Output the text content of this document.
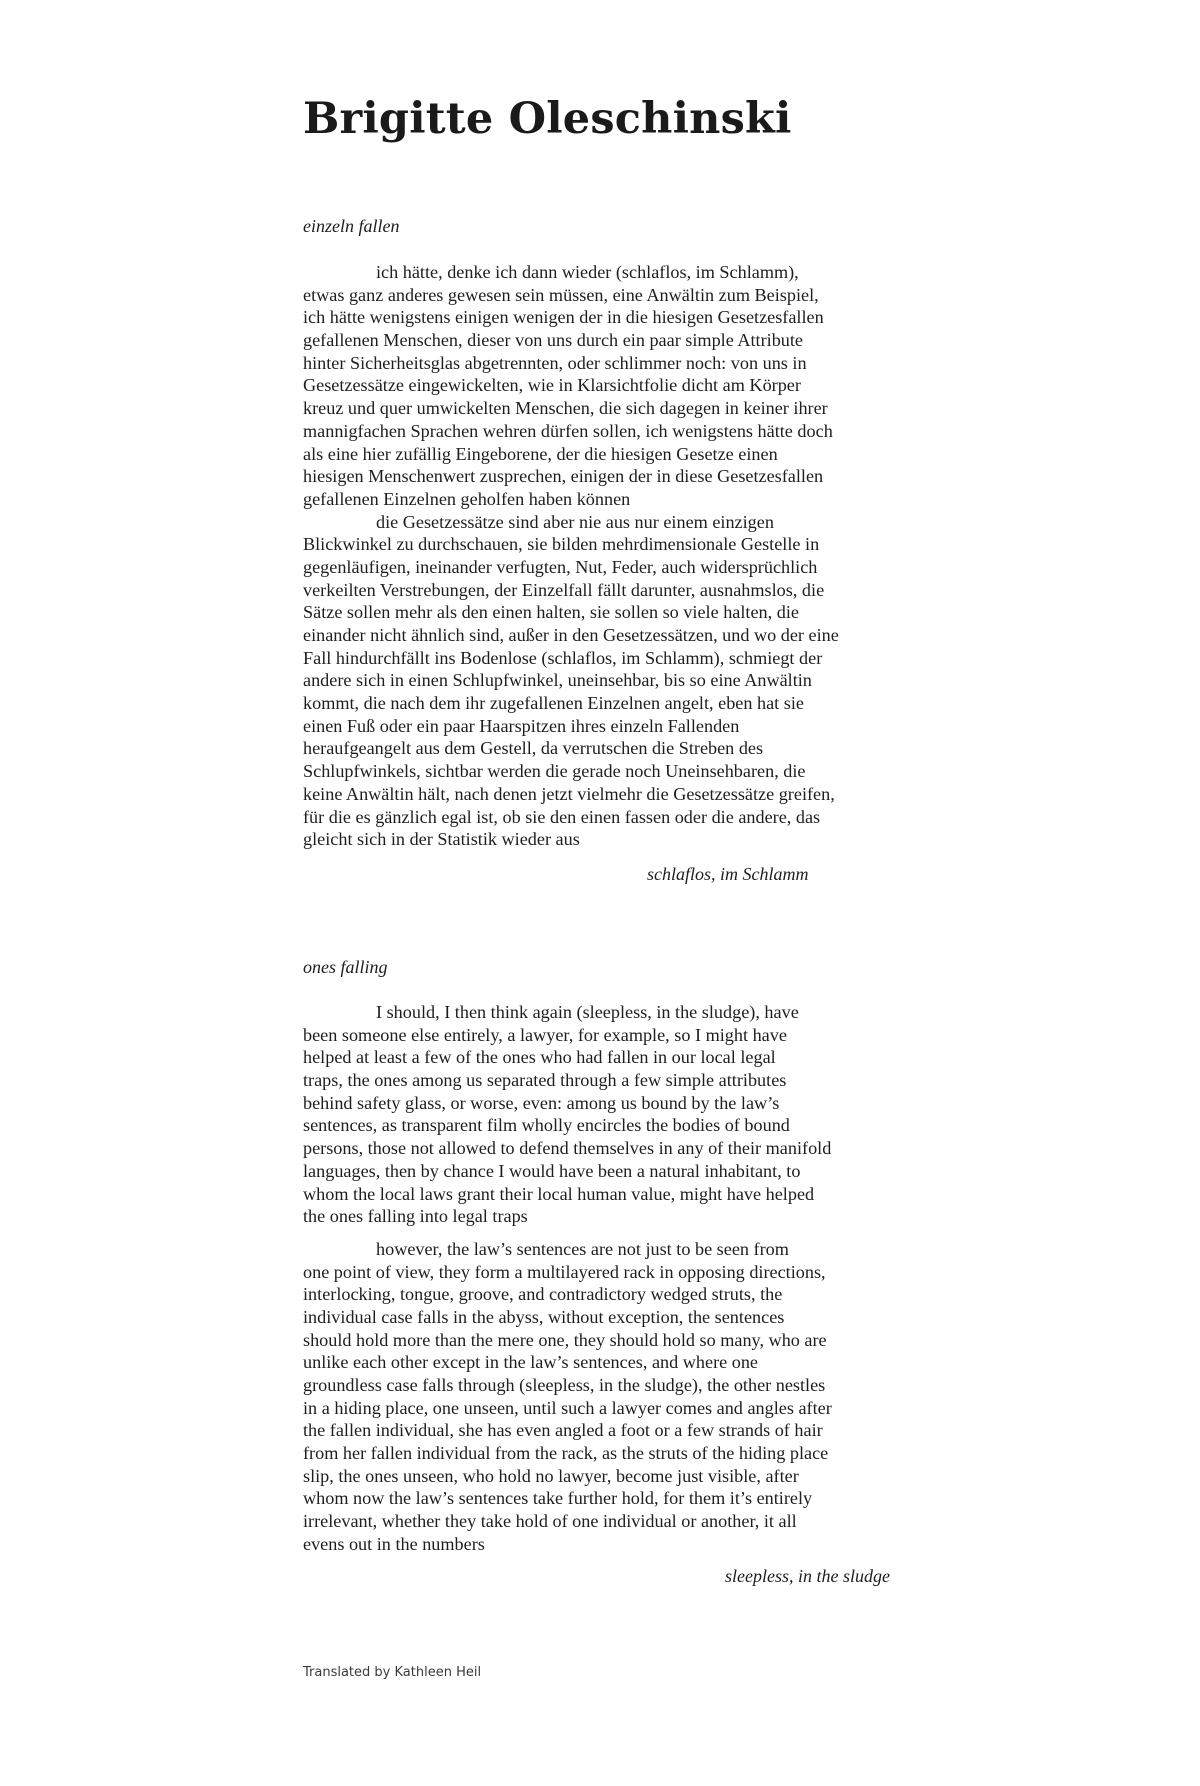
Brigitte Oleschinski

einzeln fallen

ich hätte, denke ich dann wieder (schlaflos, im Schlamm),
etwas ganz anderes gewesen sein müssen, eine Anwältin zum Beispiel,
ich hätte wenigstens einigen wenigen der in die hiesigen Gesetzesfallen
gefallenen Menschen, dieser von uns durch ein paar simple Attribute
hinter Sicherheitsglas abgetrennten, oder schlimmer noch: von uns in
Gesetzessätze eingewickelten, wie in Klarsichtfolie dicht am Körper
kreuz und quer umwickelten Menschen, die sich dagegen in keiner ihrer
mannigfachen Sprachen wehren dürfen sollen, ich wenigstens hätte doch
als eine hier zufällig Eingeborene, der die hiesigen Gesetze einen
hiesigen Menschenwert zusprechen, einigen der in diese Gesetzesfallen
gefallenen Einzelnen geholfen haben können
die Gesetzessätze sind aber nie aus nur einem einzigen
Blickwinkel zu durchschauen, sie bilden mehrdimensionale Gestelle in
gegenläufigen, ineinander verfugten, Nut, Feder, auch widersprüchlich
verkeilten Verstrebungen, der Einzelfall fällt darunter, ausnahmslos, die
Sätze sollen mehr als den einen halten, sie sollen so viele halten, die
einander nicht ähnlich sind, außer in den Gesetzessätzen, und wo der eine
Fall hindurchfällt ins Bodenlose (schlaflos, im Schlamm), schmiegt der
andere sich in einen Schlupfwinkel, uneinsehbar, bis so eine Anwältin
kommt, die nach dem ihr zugefallenen Einzelnen angelt, eben hat sie
einen Fuß oder ein paar Haarspitzen ihres einzeln Fallenden
heraufgeangelt aus dem Gestell, da verrutschen die Streben des
Schlupfwinkels, sichtbar werden die gerade noch Uneinsehbaren, die
keine Anwältin hält, nach denen jetzt vielmehr die Gesetzessätze greifen,
für die es gänzlich egal ist, ob sie den einen fassen oder die andere, das
gleicht sich in der Statistik wieder aus

schlaflos, im Schlamm

ones falling

I should, I then think again (sleepless, in the sludge), have
been someone else entirely, a lawyer, for example, so I might have
helped at least a few of the ones who had fallen in our local legal
traps, the ones among us separated through a few simple attributes
behind safety glass, or worse, even: among us bound by the law’s
sentences, as transparent film wholly encircles the bodies of bound
persons, those not allowed to defend themselves in any of their manifold
languages, then by chance I would have been a natural inhabitant, to
whom the local laws grant their local human value, might have helped
the ones falling into legal traps
however, the law’s sentences are not just to be seen from
one point of view, they form a multilayered rack in opposing directions,
interlocking, tongue, groove, and contradictory wedged struts, the
individual case falls in the abyss, without exception, the sentences
should hold more than the mere one, they should hold so many, who are
unlike each other except in the law’s sentences, and where one
groundless case falls through (sleepless, in the sludge), the other nestles
in a hiding place, one unseen, until such a lawyer comes and angles after
the fallen individual, she has even angled a foot or a few strands of hair
from her fallen individual from the rack, as the struts of the hiding place
slip, the ones unseen, who hold no lawyer, become just visible, after
whom now the law’s sentences take further hold, for them it’s entirely
irrelevant, whether they take hold of one individual or another, it all
evens out in the numbers

sleepless, in the sludge

Translated by Kathleen Heil
